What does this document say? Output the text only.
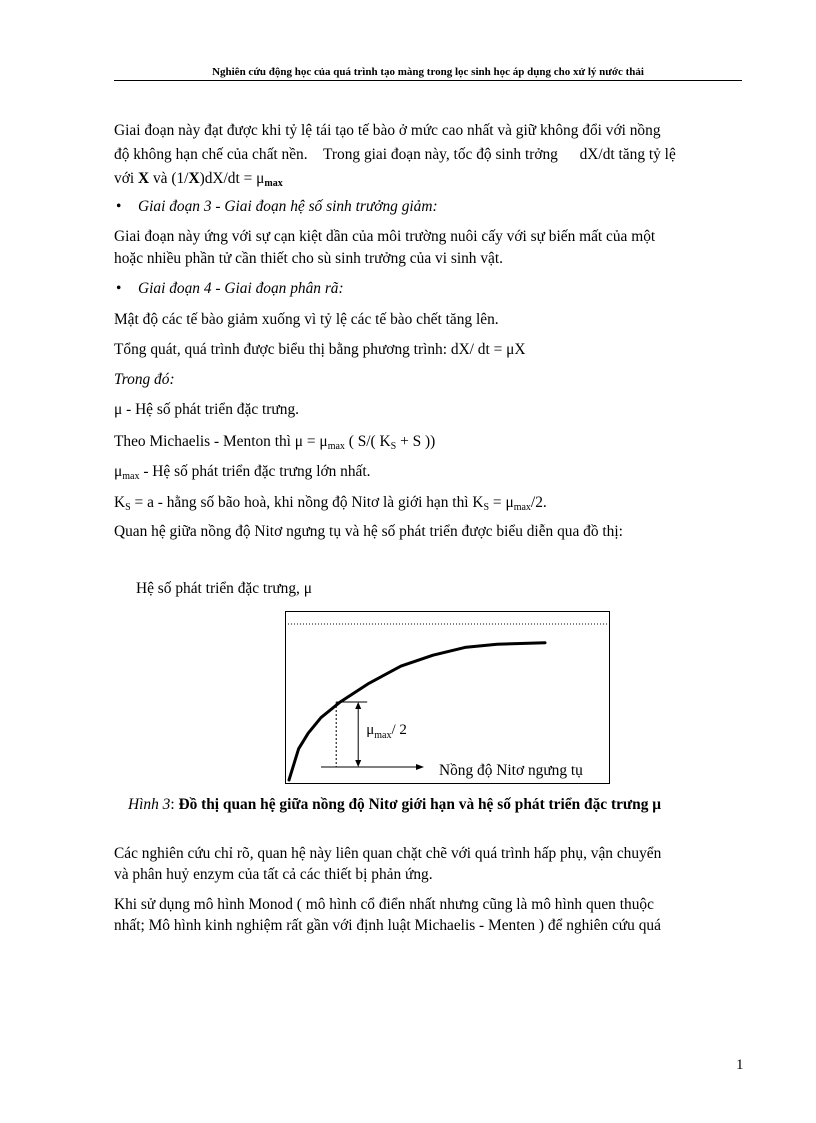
Nghiên cứu động học của quá trình tạo màng trong lọc sinh học áp dụng cho xử lý nước thải
Giai đoạn này đạt được khi tỷ lệ tái tạo tế bào ở mức cao nhất và giữ không đổi với nồng
độ không hạn chế của chất nền. Trong giai đoạn này, tốc độ sinh trởng dX/dt tăng tỷ lệ
với X và $(1/X)dX/dt = \mu_{max}$
• Giai đoạn 3 - Giai đoạn hệ số sinh trưởng giảm:
Giai đoạn này ứng với sự cạn kiệt dần của môi trường nuôi cấy với sự biến mất của một
hoặc nhiều phần tử cần thiết cho sù sinh trưởng của vi sinh vật.
• Giai đoạn 4 - Giai đoạn phân rã:
Mật độ các tế bào giảm xuống vì tỷ lệ các tế bào chết tăng lên.
Tổng quát, quá trình được biểu thị bằng phương trình: dX/ dt = μX
Trong đó:
μ - Hệ số phát triển đặc trưng.
Theo Michaelis - Menton thì $\mu = \mu_{max}$ ( S/( $K_S + S$ ))
$\mu_{max}$ - Hệ số phát triển đặc trưng lớn nhất.
$K_S = a$ - hằng số bão hoà, khi nồng độ Nitơ là giới hạn thì $K_S = \mu_{max}/2$.
Quan hệ giữa nồng độ Nitơ ngưng tụ và hệ số phát triển được biểu diễn qua đồ thị:
Hệ số phát triển đặc trưng, μ
$\mu_{max}/$ 2
Nồng độ Nitơ ngưng tụ
Hình 3: Đồ thị quan hệ giữa nồng độ Nitơ giới hạn và hệ số phát triển đặc trưng μ
Các nghiên cứu chỉ rõ, quan hệ này liên quan chặt chẽ với quá trình hấp phụ, vận chuyển
và phân huỷ enzym của tất cả các thiết bị phản ứng.
Khi sử dụng mô hình Monod ( mô hình cổ điển nhất nhưng cũng là mô hình quen thuộc
nhất; Mô hình kinh nghiệm rất gần với định luật Michaelis - Menten ) để nghiên cứu quá
1
